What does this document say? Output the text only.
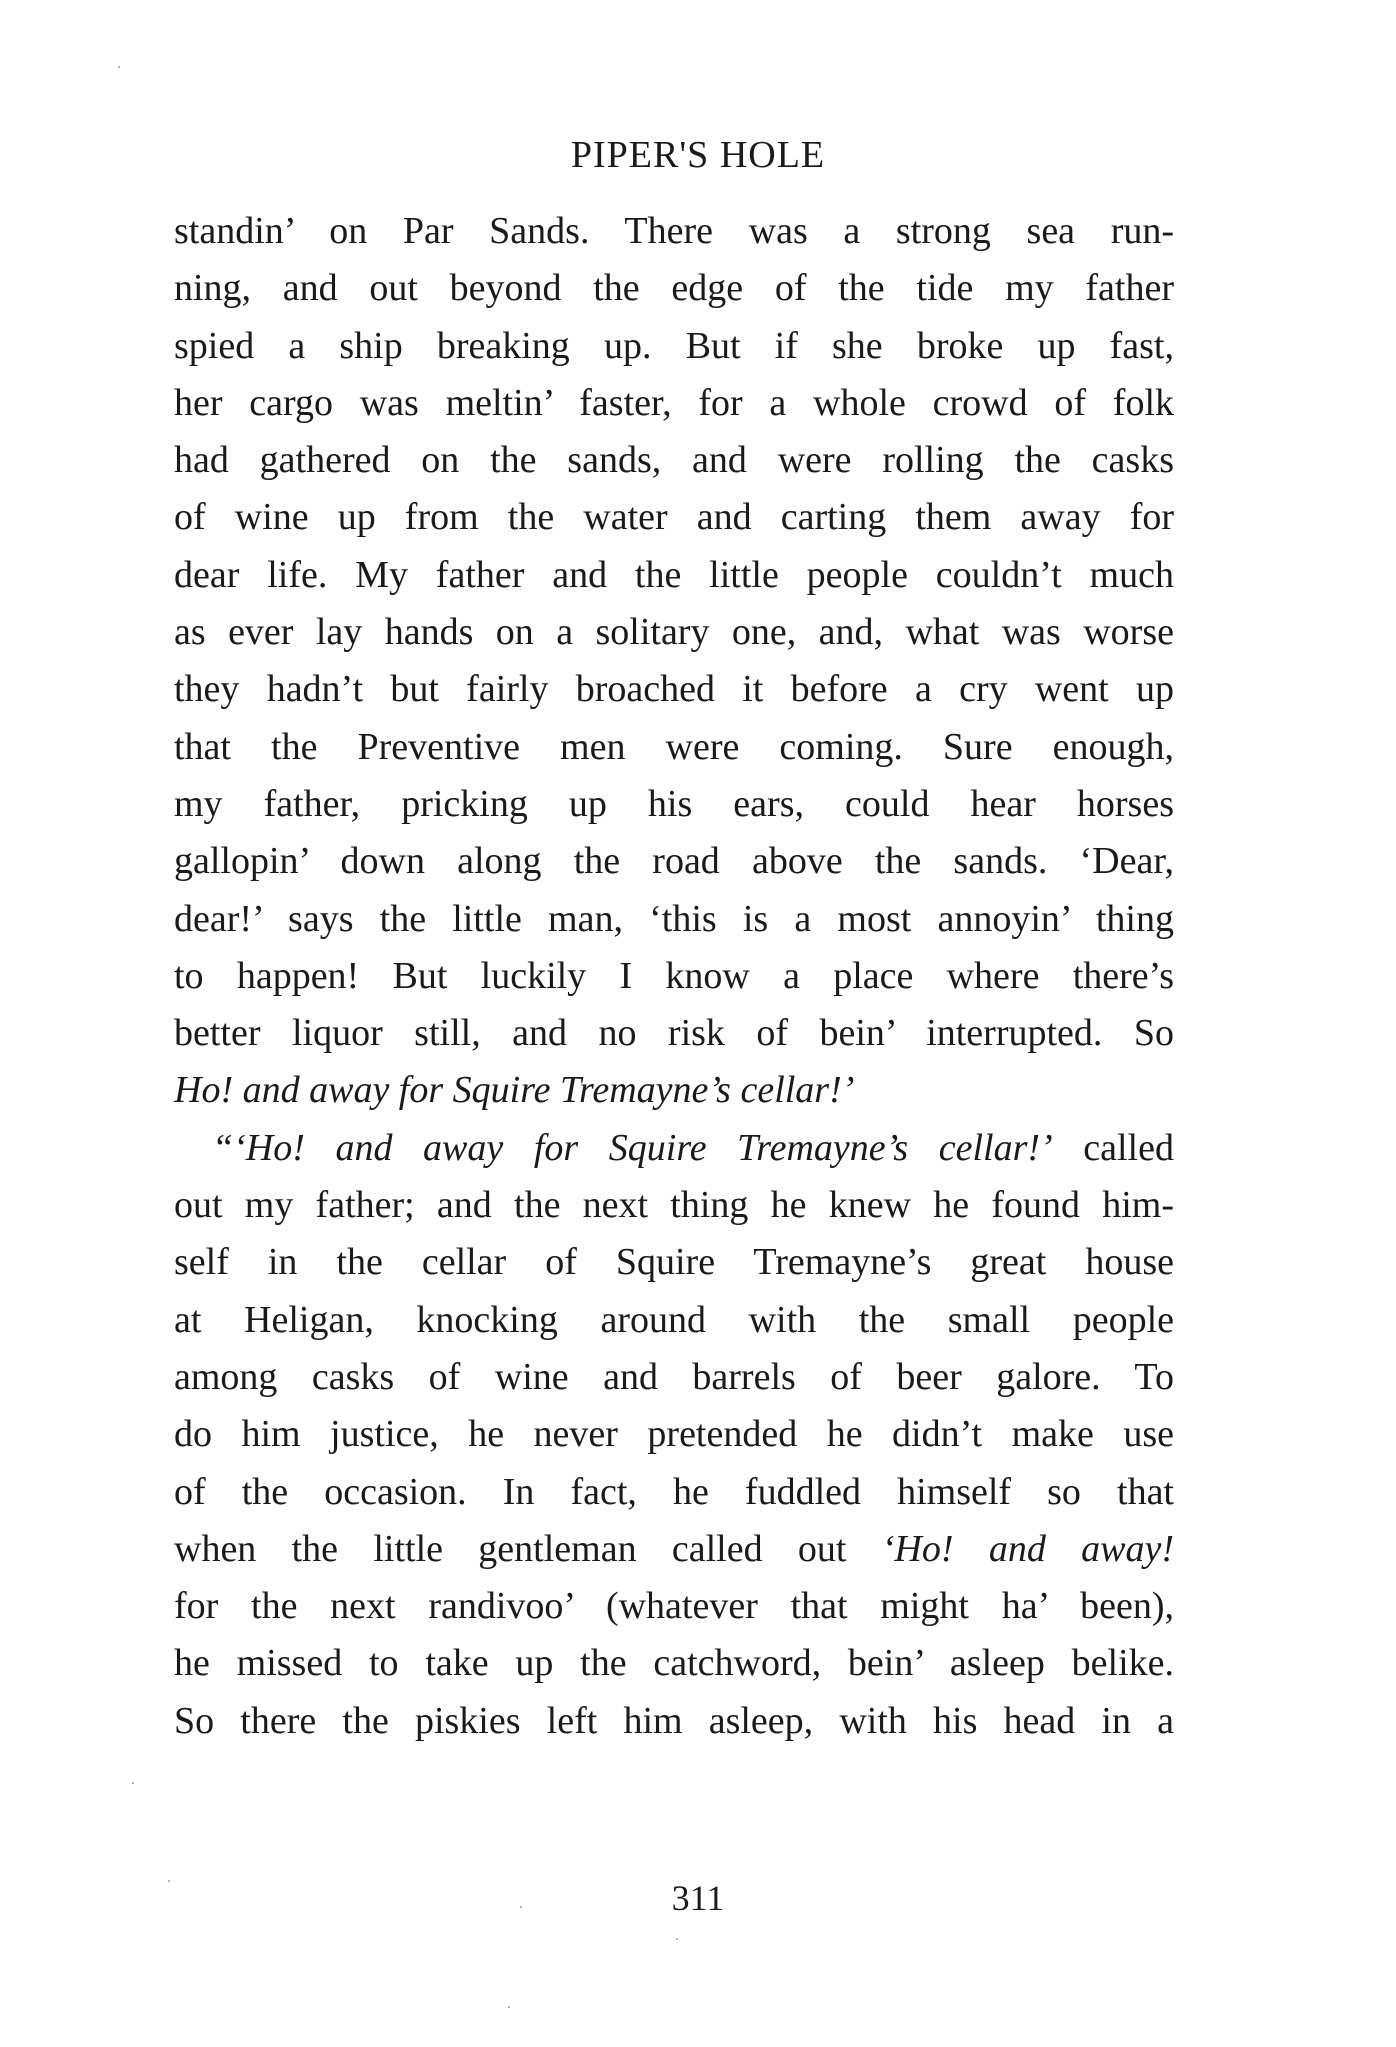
PIPER'S HOLE
standin’ on Par Sands. There was a strong sea run-
ning, and out beyond the edge of the tide my father
spied a ship breaking up. But if she broke up fast,
her cargo was meltin’ faster, for a whole crowd of folk
had gathered on the sands, and were rolling the casks
of wine up from the water and carting them away for
dear life. My father and the little people couldn’t much
as ever lay hands on a solitary one, and, what was worse
they hadn’t but fairly broached it before a cry went up
that the Preventive men were coming. Sure enough,
my father, pricking up his ears, could hear horses
gallopin’ down along the road above the sands. ‘Dear,
dear!’ says the little man, ‘this is a most annoyin’ thing
to happen! But luckily I know a place where there’s
better liquor still, and no risk of bein’ interrupted. So
Ho! and away for Squire Tremayne’s cellar!’
“‘Ho! and away for Squire Tremayne’s cellar!’ called
out my father; and the next thing he knew he found him-
self in the cellar of Squire Tremayne’s great house
at Heligan, knocking around with the small people
among casks of wine and barrels of beer galore. To
do him justice, he never pretended he didn’t make use
of the occasion. In fact, he fuddled himself so that
when the little gentleman called out ‘Ho! and away!
for the next randivoo’ (whatever that might ha’ been),
he missed to take up the catchword, bein’ asleep belike.
So there the piskies left him asleep, with his head in a
311
